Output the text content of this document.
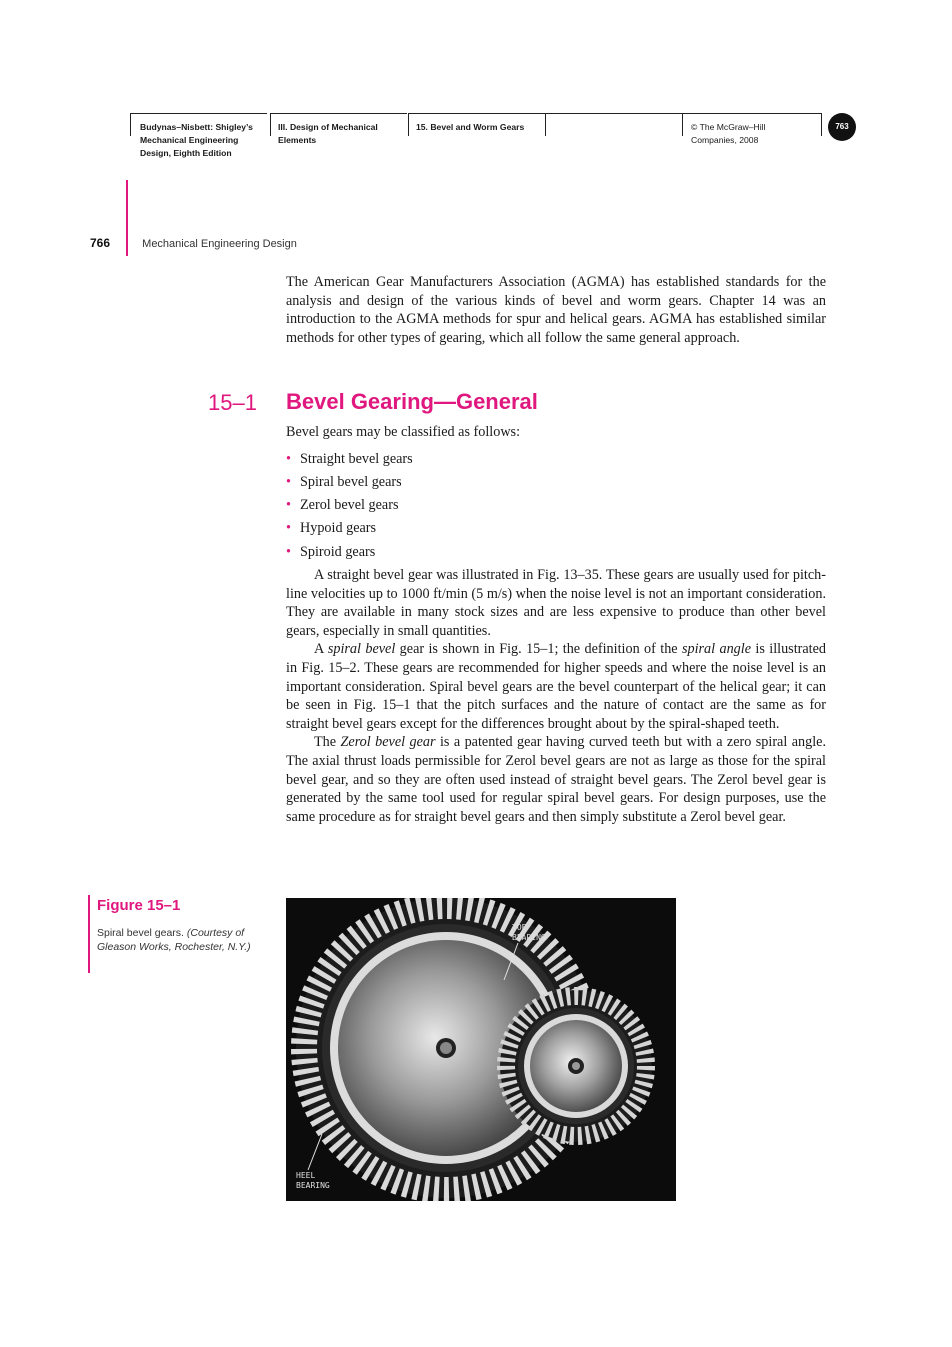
Budynas–Nisbett: Shigley’s
Mechanical Engineering
Design, Eighth Edition
III. Design of Mechanical
Elements
15. Bevel and Worm Gears	© The McGraw–Hill
Companies, 2008
763
766	Mechanical Engineering Design

The American Gear Manufacturers Association (AGMA) has established standards for the analysis and design of the various kinds of bevel and worm gears. Chapter 14 was an introduction to the AGMA methods for spur and helical gears. AGMA has established similar methods for other types of gearing, which all follow the same general approach.

15–1 Bevel Gearing—General

Bevel gears may be classified as follows:

• Straight bevel gears
• Spiral bevel gears
• Zerol bevel gears
• Hypoid gears
• Spiroid gears

A straight bevel gear was illustrated in Fig. 13–35. These gears are usually used for pitch-line velocities up to 1000 ft/min (5 m/s) when the noise level is not an important consideration. They are available in many stock sizes and are less expensive to produce than other bevel gears, especially in small quantities.

A spiral bevel gear is shown in Fig. 15–1; the definition of the spiral angle is illustrated in Fig. 15–2. These gears are recommended for higher speeds and where the noise level is an important consideration. Spiral bevel gears are the bevel counterpart of the helical gear; it can be seen in Fig. 15–1 that the pitch surfaces and the nature of contact are the same as for straight bevel gears except for the differences brought about by the spiral-shaped teeth.

The Zerol bevel gear is a patented gear having curved teeth but with a zero spiral angle. The axial thrust loads permissible for Zerol bevel gears are not as large as those for the spiral bevel gear, and so they are often used instead of straight bevel gears. The Zerol bevel gear is generated by the same tool used for regular spiral bevel gears. For design purposes, use the same procedure as for straight bevel gears and then simply substitute a Zerol bevel gear.

Figure 15–1
Spiral bevel gears. (Courtesy of Gleason Works, Rochester, N.Y.)
TOE
BEARING
HEEL
BEARING
